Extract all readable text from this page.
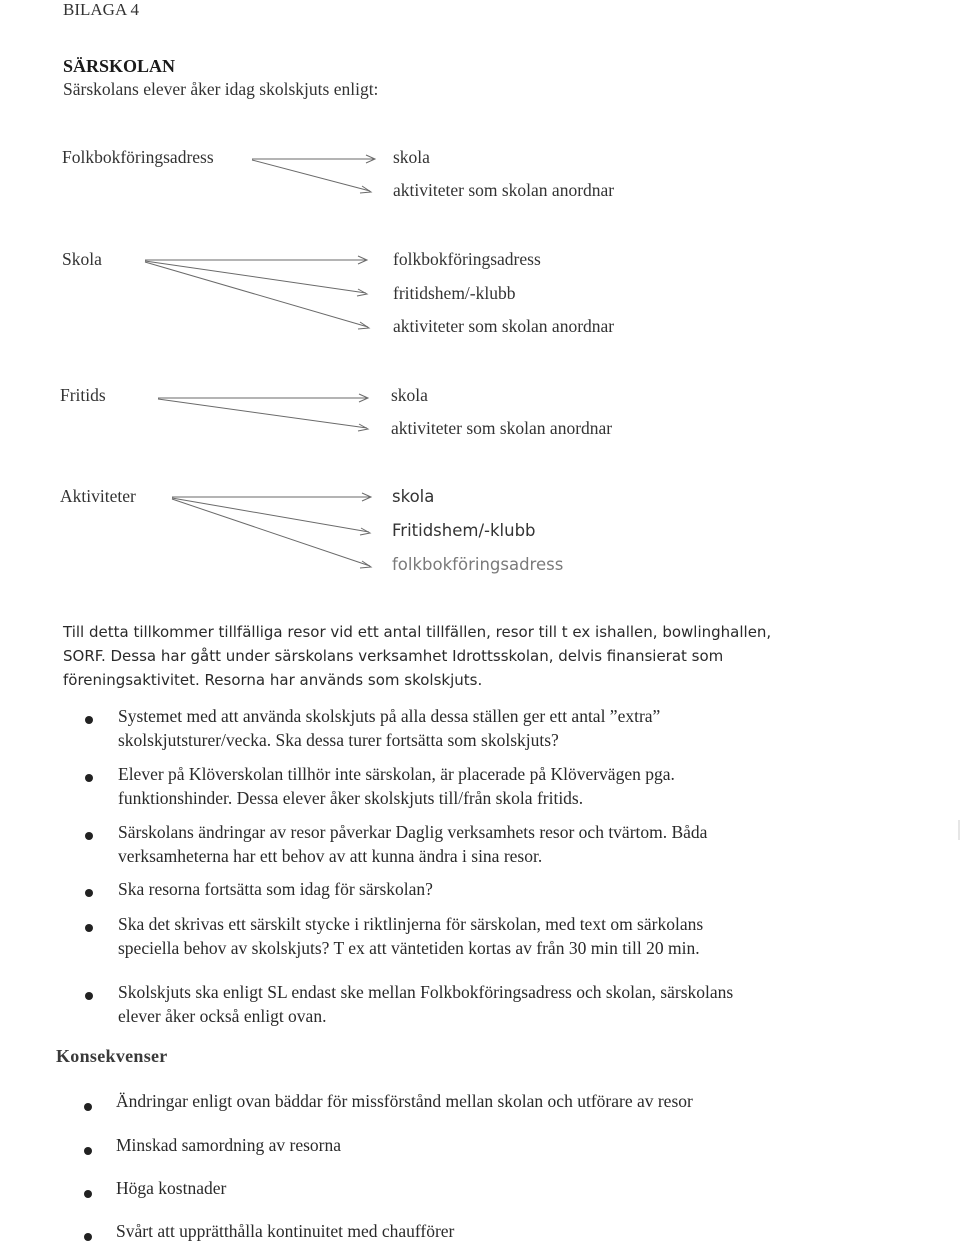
BILAGA 4
SÄRSKOLAN
Särskolans elever åker idag skolskjuts enligt:
Folkbokföringsadress	skola
aktiviteter som skolan anordnar
Skola	folkbokföringsadress
fritidshem/-klubb
aktiviteter som skolan anordnar
Fritids	skola
aktiviteter som skolan anordnar
Aktiviteter	skola
Fritidshem/-klubb
folkbokföringsadress
Till detta tillkommer tillfälliga resor vid ett antal tillfällen, resor till t ex ishallen, bowlinghallen,
SORF. Dessa har gått under särskolans verksamhet Idrottsskolan, delvis finansierat som
föreningsaktivitet. Resorna har används som skolskjuts.
Systemet med att använda skolskjuts på alla dessa ställen ger ett antal ”extra”
skolskjutsturer/vecka. Ska dessa turer fortsätta som skolskjuts?
Elever på Klöverskolan tillhör inte särskolan, är placerade på Klövervägen pga.
funktionshinder. Dessa elever åker skolskjuts till/från skola fritids.
Särskolans ändringar av resor påverkar Daglig verksamhets resor och tvärtom. Båda
verksamheterna har ett behov av att kunna ändra i sina resor.
Ska resorna fortsätta som idag för särskolan?
Ska det skrivas ett särskilt stycke i riktlinjerna för särskolan, med text om särkolans
speciella behov av skolskjuts? T ex att väntetiden kortas av från 30 min till 20 min.
Skolskjuts ska enligt SL endast ske mellan Folkbokföringsadress och skolan, särskolans
elever åker också enligt ovan.
Konsekvenser
Ändringar enligt ovan bäddar för missförstånd mellan skolan och utförare av resor
Minskad samordning av resorna
Höga kostnader
Svårt att upprätthålla kontinuitet med chaufförer
